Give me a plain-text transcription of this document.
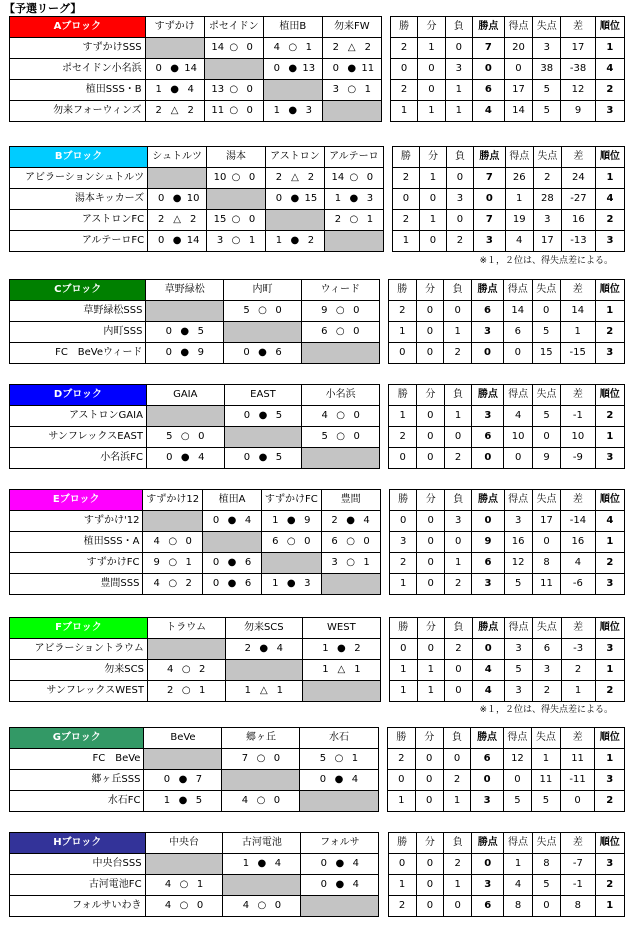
【予選リーグ】
Aブロック	すずかけ	ポセイドン	植田B	勿来FW		勝	分	負	勝点	得点	失点	差	順位
すずかけSSS		14 ○ 0	4 ○ 1	2 △ 2		2	1	0	7	20	3	17	1
ポセイドン小名浜	0 ● 14		0 ● 13	0 ● 11		0	0	3	0	0	38	-38	4
植田SSS・B	1 ● 4	13 ○ 0		3 ○ 1		2	0	1	6	17	5	12	2
勿来フォーウィンズ	2 △ 2	11 ○ 0	1 ● 3			1	1	1	4	14	5	9	3
Bブロック	シュトルツ	湯本	アストロン	アルテーロ		勝	分	負	勝点	得点	失点	差	順位
アビラーションシュトルツ		10 ○ 0	2 △ 2	14 ○ 0		2	1	0	7	26	2	24	1
湯本キッカーズ	0 ● 10		0 ● 15	1 ● 3		0	0	3	0	1	28	-27	4
アストロンFC	2 △ 2	15 ○ 0		2 ○ 1		2	1	0	7	19	3	16	2
アルテーロFC	0 ● 14	3 ○ 1	1 ● 2			1	0	2	3	4	17	-13	3
※１，２位は、得失点差による。
Cブロック	草野緑松	内町	ウィード		勝	分	負	勝点	得点	失点	差	順位
草野緑松SSS		5 ○ 0	9 ○ 0		2	0	0	6	14	0	14	1
内町SSS	0 ● 5		6 ○ 0		1	0	1	3	6	5	1	2
FC　BeVeウィード	0 ● 9	0 ● 6			0	0	2	0	0	15	-15	3
Dブロック	GAIA	EAST	小名浜		勝	分	負	勝点	得点	失点	差	順位
アストロンGAIA		0 ● 5	4 ○ 0		1	0	1	3	4	5	-1	2
サンフレックスEAST	5 ○ 0		5 ○ 0		2	0	0	6	10	0	10	1
小名浜FC	0 ● 4	0 ● 5			0	0	2	0	0	9	-9	3
Eブロック	すずかけ12	植田A	すずかけFC	豊間		勝	分	負	勝点	得点	失点	差	順位
すずかけ'12		0 ● 4	1 ● 9	2 ● 4		0	0	3	0	3	17	-14	4
植田SSS・A	4 ○ 0		6 ○ 0	6 ○ 0		3	0	0	9	16	0	16	1
すずかけFC	9 ○ 1	0 ● 6		3 ○ 1		2	0	1	6	12	8	4	2
豊間SSS	4 ○ 2	0 ● 6	1 ● 3			1	0	2	3	5	11	-6	3
Fブロック	トラウム	勿来SCS	WEST		勝	分	負	勝点	得点	失点	差	順位
アビラーショントラウム		2 ● 4	1 ● 2		0	0	2	0	3	6	-3	3
勿来SCS	4 ○ 2		1 △ 1		1	1	0	4	5	3	2	1
サンフレックスWEST	2 ○ 1	1 △ 1			1	1	0	4	3	2	1	2
※１，２位は、得失点差による。
Gブロック	BeVe	郷ヶ丘	水石		勝	分	負	勝点	得点	失点	差	順位
FC　BeVe		7 ○ 0	5 ○ 1		2	0	0	6	12	1	11	1
郷ヶ丘SSS	0 ● 7		0 ● 4		0	0	2	0	0	11	-11	3
水石FC	1 ● 5	4 ○ 0			1	0	1	3	5	5	0	2
Hブロック	中央台	古河電池	フォルサ		勝	分	負	勝点	得点	失点	差	順位
中央台SSS		1 ● 4	0 ● 4		0	0	2	0	1	8	-7	3
古河電池FC	4 ○ 1		0 ● 4		1	0	1	3	4	5	-1	2
フォルサいわき	4 ○ 0	4 ○ 0			2	0	0	6	8	0	8	1
